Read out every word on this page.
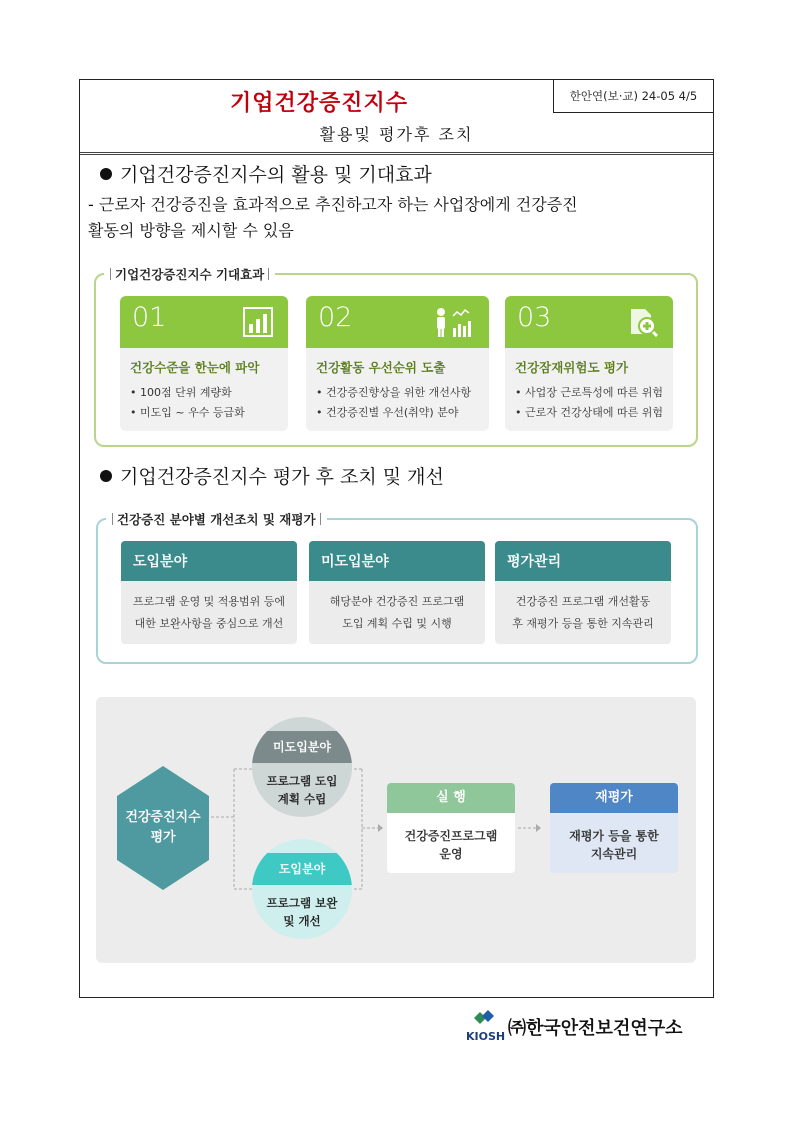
기업건강증진지수
활용및 평가후 조치
한안연(보·교) 24-05 4/5
기업건강증진지수의 활용 및 기대효과
- 근로자 건강증진을 효과적으로 추진하고자 하는 사업장에게 건강증진
활동의 방향을 제시할 수 있음
기업건강증진지수 기대효과
01
건강수준을 한눈에 파악
• 100점 단위 계량화
• 미도입 ~ 우수 등급화
02
건강활동 우선순위 도출
• 건강증진향상을 위한 개선사항
• 건강증진별 우선(취약) 분야
03
건강잠재위험도 평가
• 사업장 근로특성에 따른 위험
• 근로자 건강상태에 따른 위험
기업건강증진지수 평가 후 조치 및 개선
건강증진 분야별 개선조치 및 재평가
도입분야
프로그램 운영 및 적용범위 등에
대한 보완사항을 중심으로 개선
미도입분야
해당분야 건강증진 프로그램
도입 계획 수립 및 시행
평가관리
건강증진 프로그램 개선활동
후 재평가 등을 통한 지속관리
건강증진지수
평가
미도입분야
프로그램 도입
계획 수립
도입분야
프로그램 보완
및 개선
실 행
건강증진프로그램
운영
재평가
재평가 등을 통한
지속관리
KIOSH ㈜한국안전보건연구소
